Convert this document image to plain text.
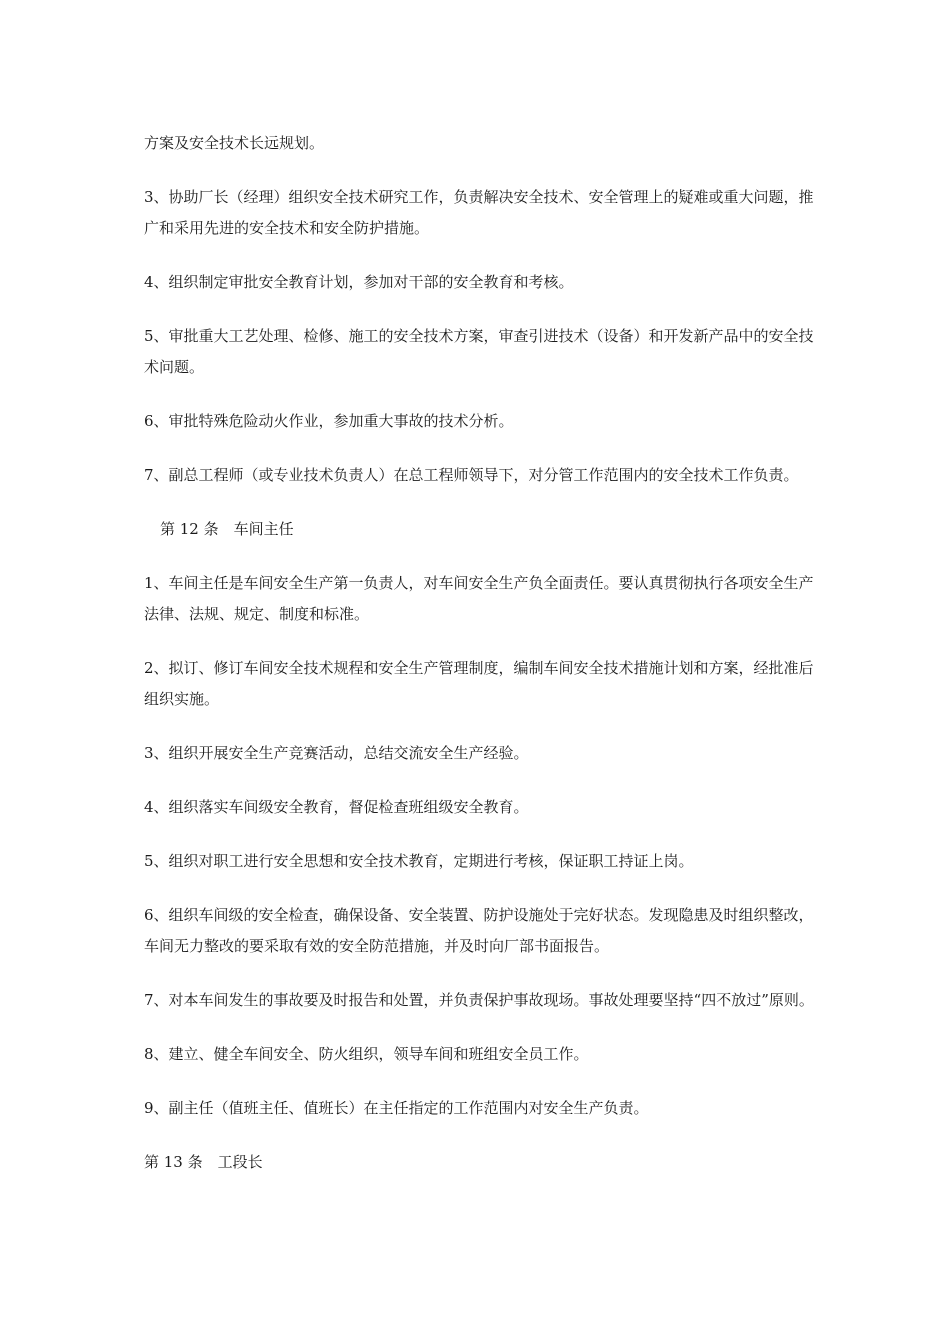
方案及安全技术长远规划。

3、协助厂长（经理）组织安全技术研究工作，负责解决安全技术、安全管理上的疑难或重大问题，推广和采用先进的安全技术和安全防护措施。

4、组织制定审批安全教育计划，参加对干部的安全教育和考核。

5、审批重大工艺处理、检修、施工的安全技术方案，审查引进技术（设备）和开发新产品中的安全技术问题。

6、审批特殊危险动火作业，参加重大事故的技术分析。

7、副总工程师（或专业技术负责人）在总工程师领导下，对分管工作范围内的安全技术工作负责。

第 12 条　车间主任

1、车间主任是车间安全生产第一负责人，对车间安全生产负全面责任。要认真贯彻执行各项安全生产法律、法规、规定、制度和标准。

2、拟订、修订车间安全技术规程和安全生产管理制度，编制车间安全技术措施计划和方案，经批准后组织实施。

3、组织开展安全生产竞赛活动，总结交流安全生产经验。

4、组织落实车间级安全教育，督促检查班组级安全教育。

5、组织对职工进行安全思想和安全技术教育，定期进行考核，保证职工持证上岗。

6、组织车间级的安全检查，确保设备、安全装置、防护设施处于完好状态。发现隐患及时组织整改，车间无力整改的要采取有效的安全防范措施，并及时向厂部书面报告。

7、对本车间发生的事故要及时报告和处置，并负责保护事故现场。事故处理要坚持“四不放过”原则。

8、建立、健全车间安全、防火组织，领导车间和班组安全员工作。

9、副主任（值班主任、值班长）在主任指定的工作范围内对安全生产负责。

第 13 条　工段长
